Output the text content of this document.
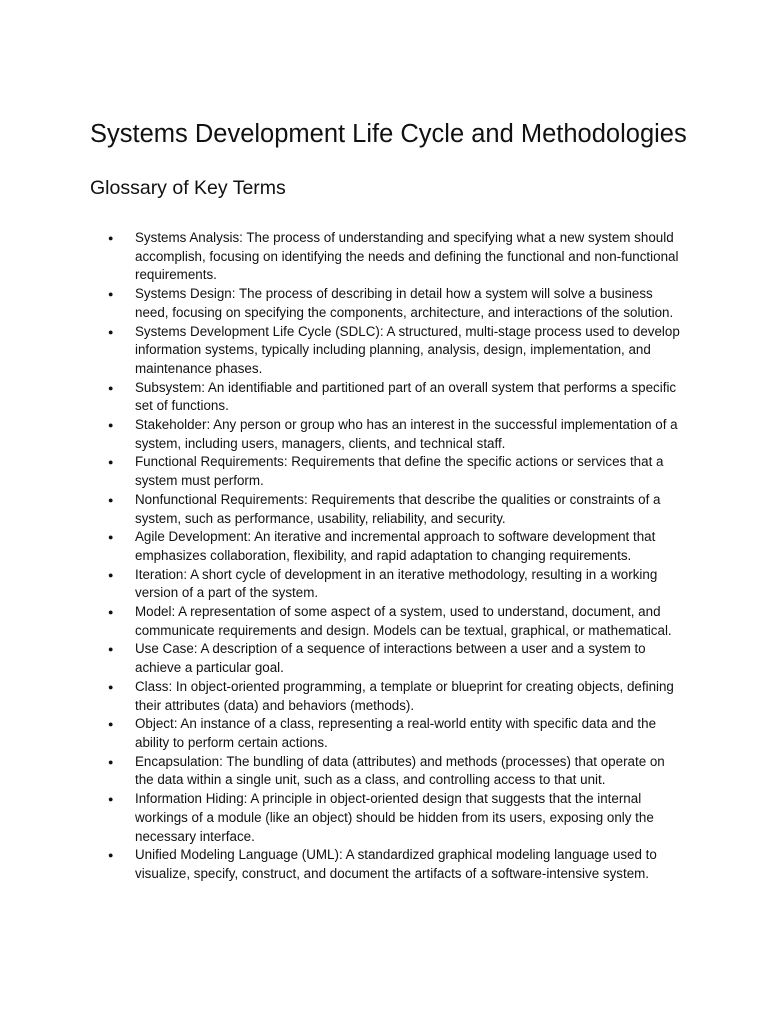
Systems Development Life Cycle and Methodologies
Glossary of Key Terms
● Systems Analysis: The process of understanding and specifying what a new system should accomplish, focusing on identifying the needs and defining the functional and non-functional requirements.
● Systems Design: The process of describing in detail how a system will solve a business need, focusing on specifying the components, architecture, and interactions of the solution.
● Systems Development Life Cycle (SDLC): A structured, multi-stage process used to develop information systems, typically including planning, analysis, design, implementation, and maintenance phases.
● Subsystem: An identifiable and partitioned part of an overall system that performs a specific set of functions.
● Stakeholder: Any person or group who has an interest in the successful implementation of a system, including users, managers, clients, and technical staff.
● Functional Requirements: Requirements that define the specific actions or services that a system must perform.
● Nonfunctional Requirements: Requirements that describe the qualities or constraints of a system, such as performance, usability, reliability, and security.
● Agile Development: An iterative and incremental approach to software development that emphasizes collaboration, flexibility, and rapid adaptation to changing requirements.
● Iteration: A short cycle of development in an iterative methodology, resulting in a working version of a part of the system.
● Model: A representation of some aspect of a system, used to understand, document, and communicate requirements and design. Models can be textual, graphical, or mathematical.
● Use Case: A description of a sequence of interactions between a user and a system to achieve a particular goal.
● Class: In object-oriented programming, a template or blueprint for creating objects, defining their attributes (data) and behaviors (methods).
● Object: An instance of a class, representing a real-world entity with specific data and the ability to perform certain actions.
● Encapsulation: The bundling of data (attributes) and methods (processes) that operate on the data within a single unit, such as a class, and controlling access to that unit.
● Information Hiding: A principle in object-oriented design that suggests that the internal workings of a module (like an object) should be hidden from its users, exposing only the necessary interface.
● Unified Modeling Language (UML): A standardized graphical modeling language used to visualize, specify, construct, and document the artifacts of a software-intensive system.
